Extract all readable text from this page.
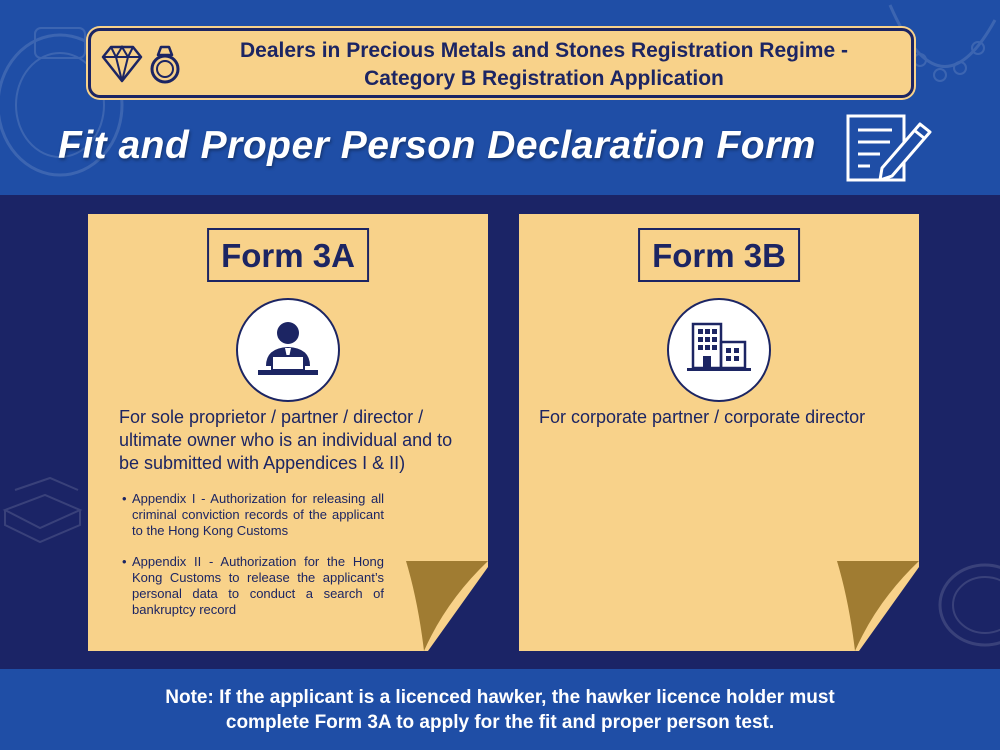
Dealers in Precious Metals and Stones Registration Regime -
Category B Registration Application
Fit and Proper Person Declaration Form
Form 3A
For sole proprietor / partner / director / ultimate owner who is an individual and to be submitted with Appendices I & II)
• Appendix I - Authorization for releasing all criminal conviction records of the applicant to the Hong Kong Customs
• Appendix II - Authorization for the Hong Kong Customs to release the applicant’s personal data to conduct a search of bankruptcy record
Form 3B
For corporate partner / corporate director
Note: If the applicant is a licenced hawker, the hawker licence holder must
complete Form 3A to apply for the fit and proper person test.
